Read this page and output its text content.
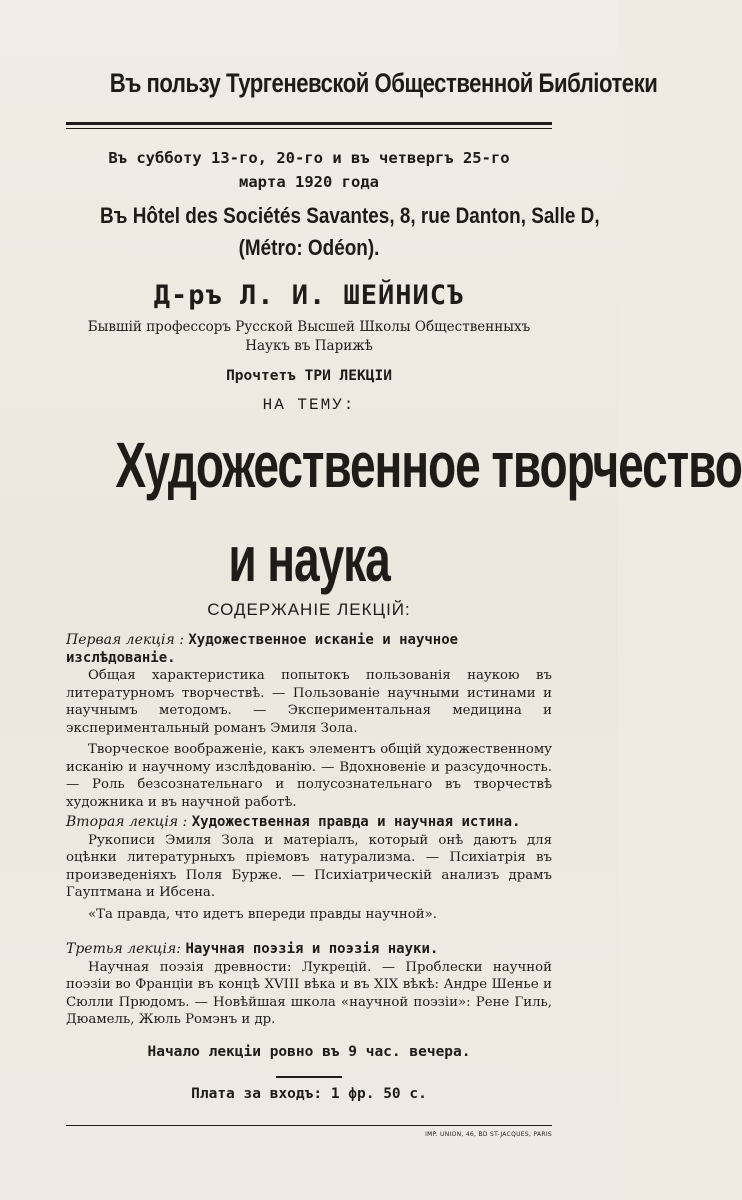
Въ пользу Тургеневской Общественной Библіотеки
Въ субботу 13-го, 20-го и въ четвергъ 25-го
марта 1920 года
Въ Hôtel des Sociétés Savantes, 8, rue Danton, Salle D,
(Métro: Odéon).
Д-ръ Л. И. ШЕЙНИСЪ
Бывшій профессоръ Русской Высшей Школы Общественныхъ
Наукъ въ Парижѣ
Прочтетъ ТРИ ЛЕКЦІИ
НА ТЕМУ:
Художественное творчество
и наука
СОДЕРЖАНІЕ ЛЕКЦІЙ:
Первая лекція : Художественное исканіе и научное изслѣдованіе.

Общая характеристика попытокъ пользованія наукою въ литературномъ творчествѣ. — Пользованіе научными истинами и научнымъ методомъ. — Экспериментальная медицина и экспериментальный романъ Эмиля Зола.

Творческое воображеніе, какъ элементъ общій художественному исканію и научному изслѣдованію. — Вдохновеніе и разсудочность. — Роль безсознательнаго и полусознательнаго въ творчествѣ художника и въ научной работѣ.

Вторая лекція : Художественная правда и научная истина.

Рукописи Эмиля Зола и матеріалъ, который онѣ даютъ для оцѣнки литературныхъ пріемовъ натурализма. — Психіатрія въ произведеніяхъ Поля Бурже. — Психіатрическій анализъ драмъ Гауптмана и Ибсена.

«Та правда, что идетъ впереди правды научной».

Третья лекція: Научная поэзія и поэзія науки.

Научная поэзія древности: Лукрецій. — Проблески научной поэзіи во Франціи въ концѣ XVIII вѣка и въ XIX вѣкѣ: Андре Шенье и Сюлли Прюдомъ. — Новѣйшая школа «научной поэзіи»: Рене Гиль, Дюамель, Жюль Ромэнъ и др.

Начало лекціи ровно въ 9 час. вечера.
Плата за входъ: 1 фр. 50 с.
IMP. UNION, 46, BD ST-JACQUES, PARIS
